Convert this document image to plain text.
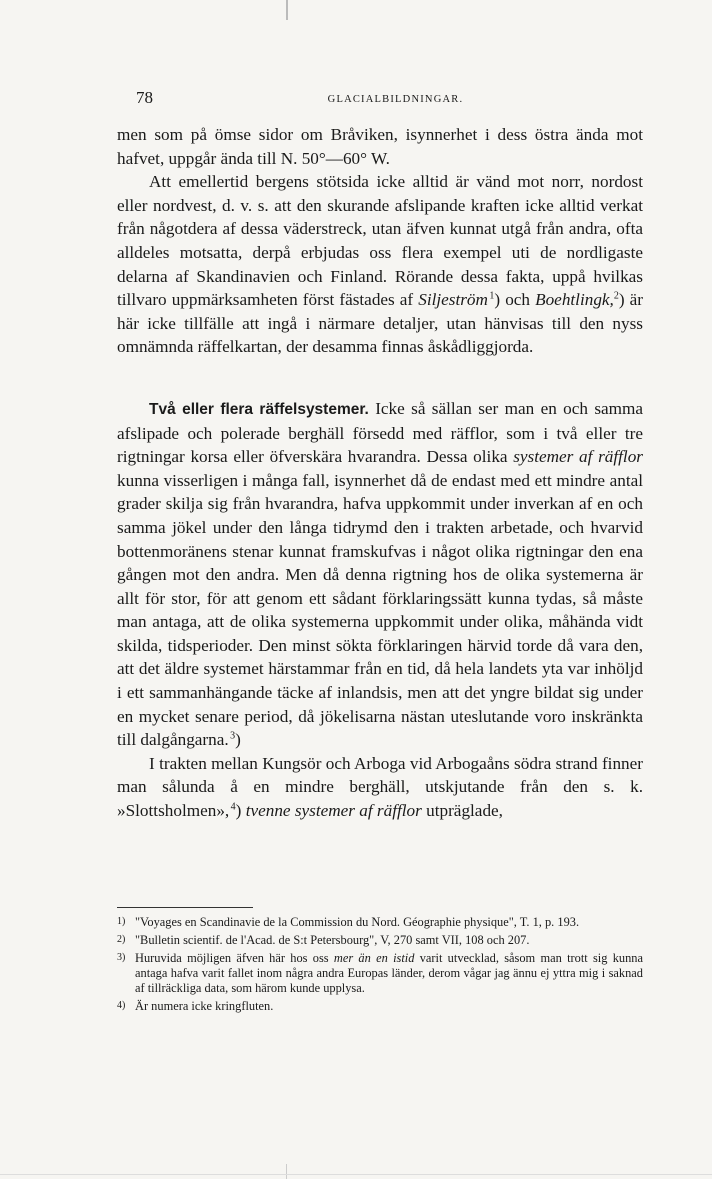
78	GLACIALBILDNINGAR.

men som på ömse sidor om Bråviken, isynnerhet i dess östra ända mot hafvet, uppgår ända till N. 50°—60° W.

Att emellertid bergens stötsida icke alltid är vänd mot norr, nordost eller nordvest, d. v. s. att den skurande afslipande kraften icke alltid verkat från någotdera af dessa väderstreck, utan äfven kunnat utgå från andra, ofta alldeles motsatta, derpå erbjudas oss flera exempel uti de nordligaste delarna af Skandinavien och Finland. Rörande dessa fakta, uppå hvilkas tillvaro uppmärksamheten först fästades af Siljeström $^1$) och Boehtlingk,$^2$) är här icke tillfälle att ingå i närmare detaljer, utan hänvisas till den nyss omnämnda räffelkartan, der desamma finnas åskådliggjorda.

Två eller flera räffelsystemer. Icke så sällan ser man en och samma afslipade och polerade berghäll försedd med räfflor, som i två eller tre rigtningar korsa eller öfverskära hvarandra. Dessa olika systemer af räfflor kunna visserligen i många fall, isynnerhet då de endast med ett mindre antal grader skilja sig från hvarandra, hafva uppkommit under inverkan af en och samma jökel under den långa tidrymd den i trakten arbetade, och hvarvid bottenmoränens stenar kunnat framskufvas i något olika rigtningar den ena gången mot den andra. Men då denna rigtning hos de olika systemerna är allt för stor, för att genom ett sådant förklaringssätt kunna tydas, så måste man antaga, att de olika systemerna uppkommit under olika, måhända vidt skilda, tidsperioder. Den minst sökta förklaringen härvid torde då vara den, att det äldre systemet härstammar från en tid, då hela landets yta var inhöljd i ett sammanhängande täcke af inlandsis, men att det yngre bildat sig under en mycket senare period, då jökelisarna nästan uteslutande voro inskränkta till dalgångarna. $^3$)

I trakten mellan Kungsör och Arboga vid Arbogaåns södra strand finner man sålunda å en mindre berghäll, utskjutande från den s. k. »Slottsholmen», $^4$) tvenne systemer af räfflor utpräglade,

1) "Voyages en Scandinavie de la Commission du Nord. Géographie physique", T. 1, p. 193.

2) "Bulletin scientif. de l'Acad. de S:t Petersbourg", V, 270 samt VII, 108 och 207.

3) Huruvida möjligen äfven här hos oss mer än en istid varit utvecklad, såsom man trott sig kunna antaga hafva varit fallet inom några andra Europas länder, derom vågar jag ännu ej yttra mig i saknad af tillräckliga data, som härom kunde upplysa.

4) Är numera icke kringfluten.
